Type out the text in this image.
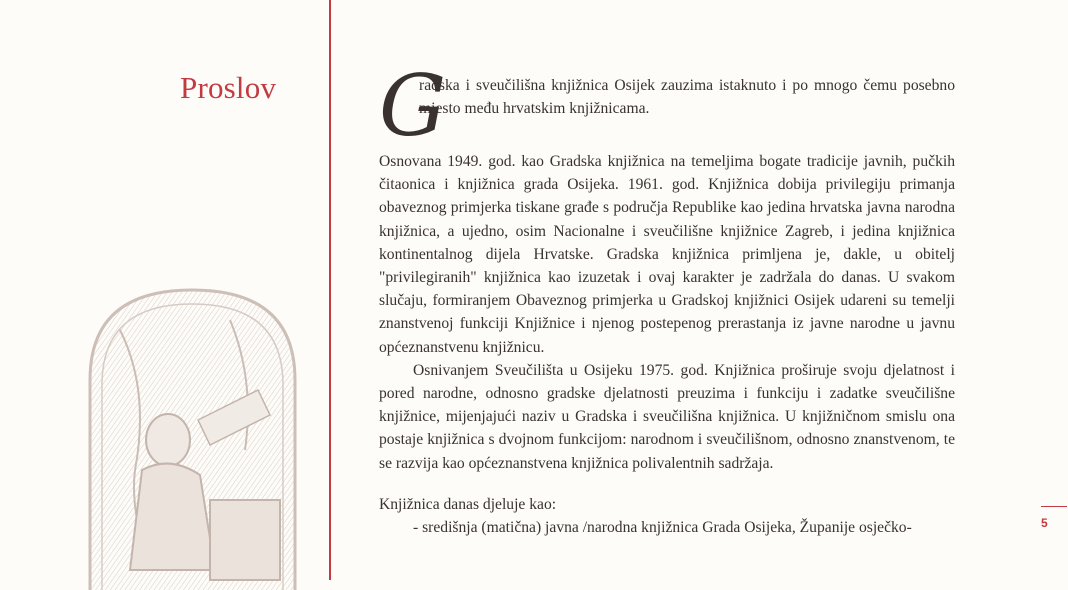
Proslov G
radska i sveučilišna knjižnica Osijek zauzima istaknuto i po mnogo čemu posebno mjesto među hrvatskim knjižnicama.

Osnovana 1949. god. kao Gradska knjižnica na temeljima bogate tradicije javnih, pučkih čitaonica i knjižnica grada Osijeka. 1961. god. Knjižnica dobija privilegiju primanja obaveznog primjerka tiskane građe s područja Republike kao jedina hrvatska javna narodna knjižnica, a ujedno, osim Nacionalne i sveučilišne knjižnice Zagreb, i jedina knjižnica kontinentalnog dijela Hrvatske. Gradska knjižnica primljena je, dakle, u obitelj "privilegiranih" knjižnica kao izuzetak i ovaj karakter je zadržala do danas. U svakom slučaju, formiranjem Obaveznog primjerka u Gradskoj knjižnici Osijek udareni su temelji znanstvenoj funkciji Knjižnice i njenog postepenog prerastanja iz javne narodne u javnu općeznanstvenu knjižnicu.

Osnivanjem Sveučilišta u Osijeku 1975. god. Knjižnica proširuje svoju djelatnost i pored narodne, odnosno gradske djelatnosti preuzima i funkciju i zadatke sveučilišne knjižnice, mijenjajući naziv u Gradska i sveučilišna knjižnica. U knjižničnom smislu ona postaje knjižnica s dvojnom funkcijom: narodnom i sveučilišnom, odnosno znanstvenom, te se razvija kao općeznanstvena knjižnica polivalentnih sadržaja.

Knjižnica danas djeluje kao:

- središnja (matična) javna /narodna knjižnica Grada Osijeka, Županije osječko-	5
